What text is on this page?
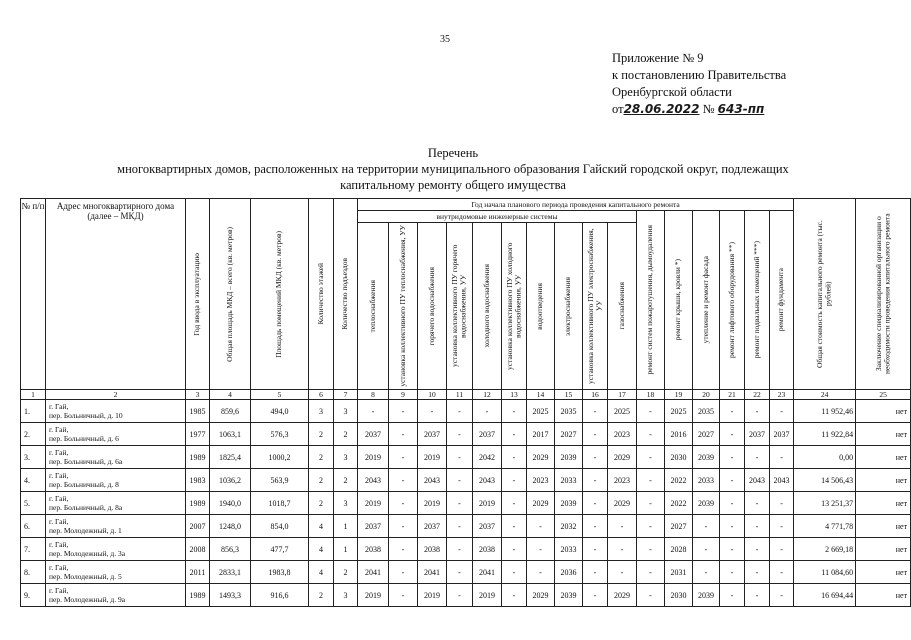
35
Приложение № 9
к постановлению Правительства
Оренбургской области
от28.06.2022 № 643-пп
Перечень
многоквартирных домов, расположенных на территории муниципального образования Гайский городской округ, подлежащих
капитальному ремонту общего имущества
№ п/п	Адрес многоквартирного дома (далее – МКД)	Год ввода в эксплуатацию	Общая площадь МКД – всего (кв. метров)	Площадь помещений МКД (кв. метров)	Количество этажей	Количество подъездов	Год начала планового периода проведения капитального ремонта																Общая стоимость капитального ремонта (тыс. рублей)	Заключение специализированной организации о необходимости проведения капитального ремонта

							внутридомовые инженерные системы										ремонт систем пожаротушения, дымоудаления	ремонт крыши, кровли *)	утепление и ремонт фасада	ремонт лифтового оборудования **)	ремонт подвальных помещений ***)	ремонт фундамента		

							теплоснабжения	установка коллективного ПУ теплоснабжения, УУ	горячего водоснабжения	установка коллективного ПУ горячего водоснабжения, УУ	холодного водоснабжения	установка коллективного ПУ холодного водоснабжения, УУ	водоотведения	электроснабжения	установка коллективного ПУ электроснабжения, УУ	газоснабжения								

1	2	3	4	5	6	7	8	9	10	11	12	13	14	15	16	17	18	19	20	21	22	23	24	25
1.	г. Гай,
пер. Больничный, д. 10	1985	859,6	494,0	3	3	-	-	-	-	-	-	2025	2035	-	2025	-	2025	2035	-	-	-	11 952,46	нет
2.	г. Гай,
пер. Больничный, д. 6	1977	1063,1	576,3	2	2	2037	-	2037	-	2037	-	2017	2027	-	2023	-	2016	2027	-	2037	2037	11 922,84	нет
3.	г. Гай,
пер. Больничный, д. 6а	1989	1825,4	1000,2	2	3	2019	-	2019	-	2042	-	2029	2039	-	2029	-	2030	2039	-	-	-	0,00	нет
4.	г. Гай,
пер. Больничный, д. 8	1983	1036,2	563,9	2	2	2043	-	2043	-	2043	-	2023	2033	-	2023	-	2022	2033	-	2043	2043	14 506,43	нет
5.	г. Гай,
пер. Больничный, д. 8а	1989	1940,0	1018,7	2	3	2019	-	2019	-	2019	-	2029	2039	-	2029	-	2022	2039	-	-	-	13 251,37	нет
6.	г. Гай,
пер. Молодежный, д. 1	2007	1248,0	854,0	4	1	2037	-	2037	-	2037	-	-	2032	-	-	-	2027	-	-	-	-	4 771,78	нет
7.	г. Гай,
пер. Молодежный, д. 3а	2008	856,3	477,7	4	1	2038	-	2038	-	2038	-	-	2033	-	-	-	2028	-	-	-	-	2 669,18	нет
8.	г. Гай,
пер. Молодежный, д. 5	2011	2833,1	1983,8	4	2	2041	-	2041	-	2041	-	-	2036	-	-	-	2031	-	-	-	-	11 084,60	нет
9.	г. Гай,
пер. Молодежный, д. 9а	1989	1493,3	916,6	2	3	2019	-	2019	-	2019	-	2029	2039	-	2029	-	2030	2039	-	-	-	16 694,44	нет
